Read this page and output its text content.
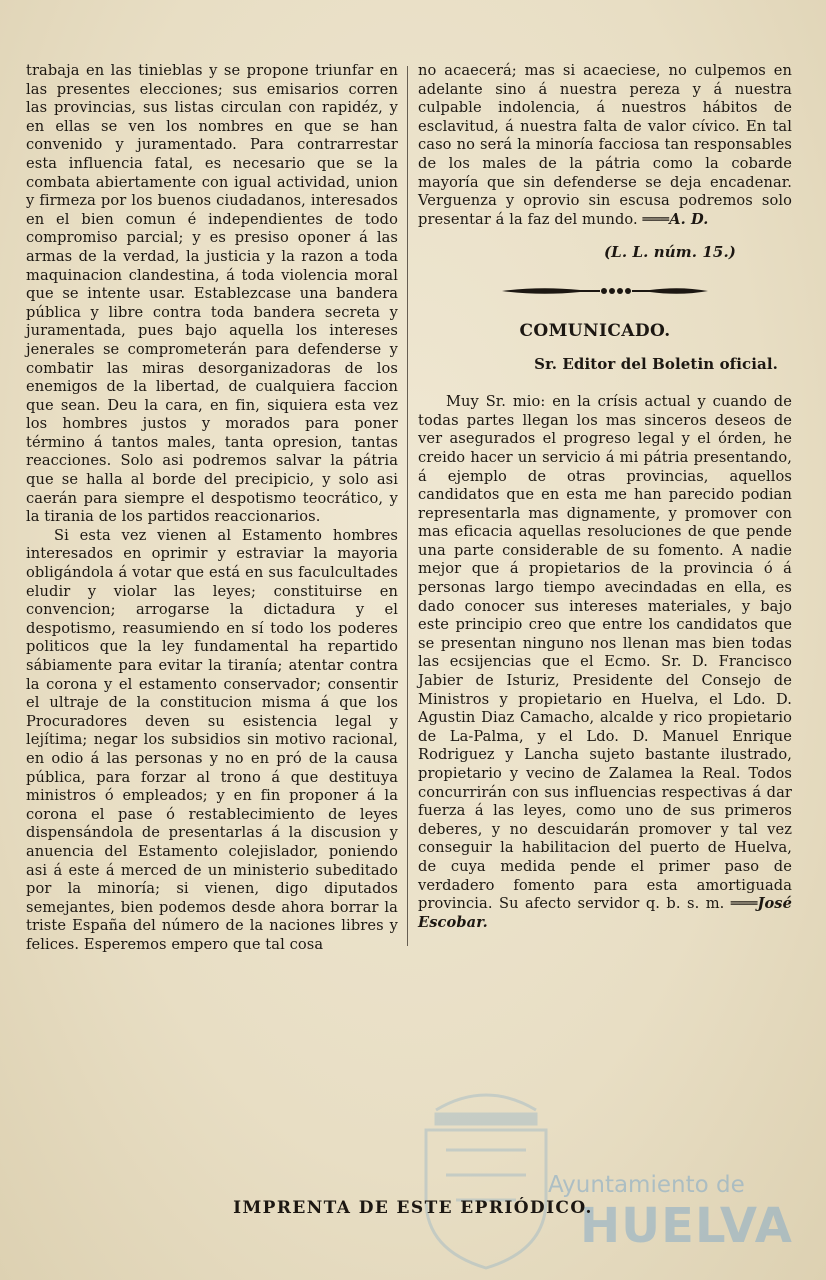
trabaja en las tinieblas y se propone triunfar en las presentes elecciones; sus emisarios corren las provincias, sus listas circulan con rapidéz, y en ellas se ven los nombres en que se han convenido y juramentado. Para contrarrestar esta influencia fatal, es necesario que se la combata abiertamente con igual actividad, union y firmeza por los buenos ciudadanos, interesados en el bien comun é independientes de todo compromiso parcial; y es presiso oponer á las armas de la verdad, la justicia y la razon a toda maquinacion clandestina, á toda violencia moral que se intente usar. Establezcase una bandera pública y libre contra toda bandera secreta y juramentada, pues bajo aquella los intereses jenerales se comprometerán para defenderse y combatir las miras desorganizadoras de los enemigos de la libertad, de cualquiera faccion que sean. Deu la cara, en fin, siquiera esta vez los hombres justos y morados para poner término á tantos males, tanta opresion, tantas reacciones. Solo asi podremos salvar la pátria que se halla al borde del precipicio, y solo asi caerán para siempre el despotismo teocrático, y la tirania de los partidos reaccionarios.

Si esta vez vienen al Estamento hombres interesados en oprimir y estraviar la mayoria obligándola á votar que está en sus faculcultades eludir y violar las leyes; constituirse en convencion; arrogarse la dictadura y el despotismo, reasumiendo en sí todo los poderes politicos que la ley fundamental ha repartido sábiamente para evitar la tiranía; atentar contra la corona y el estamento conservador; consentir el ultraje de la constitucion misma á que los Procuradores deven su esistencia legal y lejítima; negar los subsidios sin motivo racional, en odio á las personas y no en pró de la causa pública, para forzar al trono á que destituya ministros ó empleados; y en fin proponer á la corona el pase ó restablecimiento de leyes dispensándola de presentarlas á la discusion y anuencia del Estamento colejislador, poniendo asi á este á merced de un ministerio subeditado por la minoría; si vienen, digo diputados semejantes, bien podemos desde ahora borrar la triste España del número de la naciones libres y felices. Esperemos empero que tal cosa

no acaecerá; mas si acaeciese, no culpemos en adelante sino á nuestra pereza y á nuestra culpable indolencia, á nuestros hábitos de esclavitud, á nuestra falta de valor cívico. En tal caso no será la minoría facciosa tan responsables de los males de la pátria como la cobarde mayoría que sin defenderse se deja encadenar. Verguenza y oprovio sin escusa podremos solo presentar á la faz del mundo. ═══A. D.

(L. L. núm. 15.)

COMUNICADO.

Sr. Editor del Boletin oficial.

Muy Sr. mio: en la crísis actual y cuando de todas partes llegan los mas sinceros deseos de ver asegurados el progreso legal y el órden, he creido hacer un servicio á mi pátria presentando, á ejemplo de otras provincias, aquellos candidatos que en esta me han parecido podian representarla mas dignamente, y promover con mas eficacia aquellas resoluciones de que pende una parte considerable de su fomento. A nadie mejor que á propietarios de la provincia ó á personas largo tiempo avecindadas en ella, es dado conocer sus intereses materiales, y bajo este principio creo que entre los candidatos que se presentan ninguno nos llenan mas bien todas las ecsijencias que el Ecmo. Sr. D. Francisco Jabier de Isturiz, Presidente del Consejo de Ministros y propietario en Huelva, el Ldo. D. Agustin Diaz Camacho, alcalde y rico propietario de La-Palma, y el Ldo. D. Manuel Enrique Rodriguez y Lancha sujeto bastante ilustrado, propietario y vecino de Zalamea la Real. Todos concurrirán con sus influencias respectivas á dar fuerza á las leyes, como uno de sus primeros deberes, y no descuidarán promover y tal vez conseguir la habilitacion del puerto de Huelva, de cuya medida pende el primer paso de verdadero fomento para esta amortiguada provincia. Su afecto servidor q. b. s. m. ═══José Escobar.

Ayuntamiento de
HUELVA
IMPRENTA DE ESTE EPRIÓDICO.
